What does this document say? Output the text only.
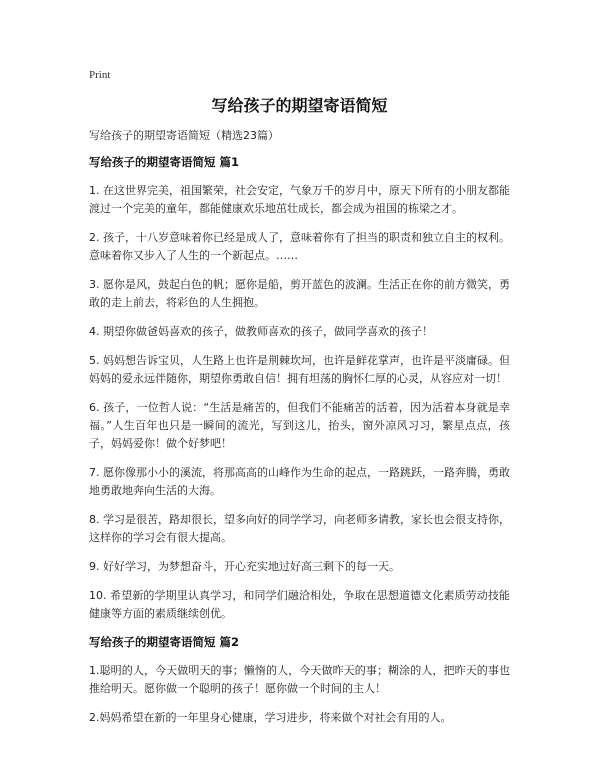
Print
写给孩子的期望寄语简短
写给孩子的期望寄语简短（精选23篇）
写给孩子的期望寄语简短 篇1

1. 在这世界完美，祖国繁荣，社会安定，气象万千的岁月中，原天下所有的小朋友都能渡过一个完美的童年，都能健康欢乐地茁壮成长，都会成为祖国的栋梁之才。

2. 孩子，十八岁意味着你已经是成人了，意味着你有了担当的职责和独立自主的权利。意味着你又步入了人生的一个新起点。……

3. 愿你是风，鼓起白色的帆；愿你是船，剪开蓝色的波澜。生活正在你的前方微笑，勇敢的走上前去，将彩色的人生拥抱。

4. 期望你做爸妈喜欢的孩子，做教师喜欢的孩子，做同学喜欢的孩子！

5. 妈妈想告诉宝贝，人生路上也许是荆棘坎坷，也许是鲜花掌声，也许是平淡庸碌。但妈妈的爱永远伴随你，期望你勇敢自信！拥有坦荡的胸怀仁厚的心灵，从容应对一切！

6. 孩子，一位哲人说：“生活是痛苦的，但我们不能痛苦的活着，因为活着本身就是幸福。”人生百年也只是一瞬间的流光，写到这儿，抬头，窗外凉风习习，繁星点点，孩子，妈妈爱你！做个好梦吧！

7. 愿你像那小小的溪流，将那高高的山峰作为生命的起点，一路跳跃，一路奔腾，勇敢地勇敢地奔向生活的大海。

8. 学习是很苦，路却很长，望多向好的同学学习，向老师多请教，家长也会很支持你，这样你的学习会有很大提高。

9. 好好学习，为梦想奋斗，开心充实地过好高三剩下的每一天。

10. 希望新的学期里认真学习，和同学们融洽相处，争取在思想道德文化素质劳动技能健康等方面的素质继续创优。

写给孩子的期望寄语简短 篇2

1.聪明的人，今天做明天的事；懒惰的人，今天做昨天的事；糊涂的人，把昨天的事也推给明天。愿你做一个聪明的孩子！愿你做一个时间的主人！

2.妈妈希望在新的一年里身心健康，学习进步，将来做个对社会有用的人。
